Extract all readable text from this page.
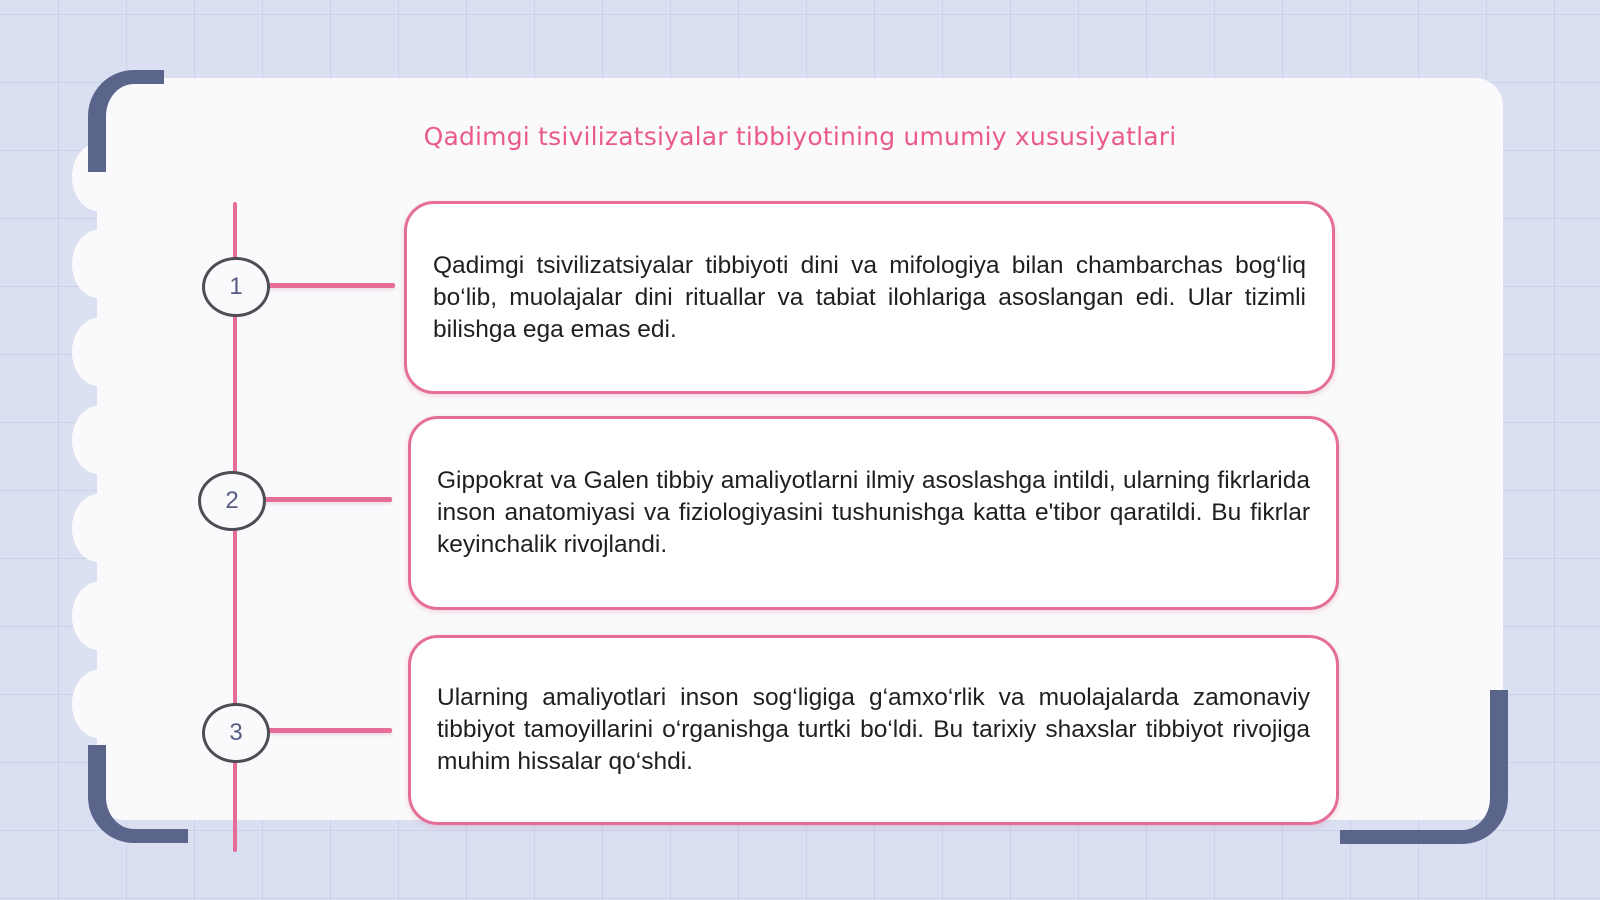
Qadimgi tsivilizatsiyalar tibbiyotining umumiy xususiyatlari
1

Qadimgi tsivilizatsiyalar tibbiyoti dini va mifologiya bilan chambarchas bog‘liq bo‘lib, muolajalar dini rituallar va tabiat ilohlariga asoslangan edi. Ular tizimli bilishga ega emas edi.

2

Gippokrat va Galen tibbiy amaliyotlarni ilmiy asoslashga intildi, ularning fikrlarida inson anatomiyasi va fiziologiyasini tushunishga katta e'tibor qaratildi. Bu fikrlar keyinchalik rivojlandi.

3

Ularning amaliyotlari inson sog‘ligiga g‘amxo‘rlik va muolajalarda zamonaviy tibbiyot tamoyillarini o‘rganishga turtki bo‘ldi. Bu tarixiy shaxslar tibbiyot rivojiga muhim hissalar qo‘shdi.
